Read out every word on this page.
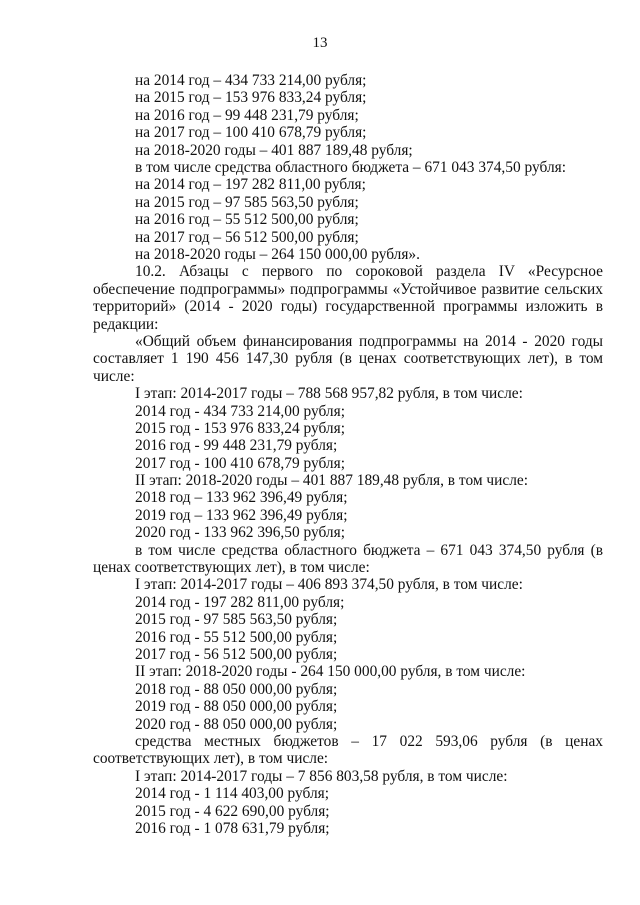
13
на 2014 год – 434 733 214,00 рубля;
на 2015 год – 153 976 833,24 рубля;
на 2016 год – 99 448 231,79 рубля;
на 2017 год – 100 410 678,79 рубля;
на 2018-2020 годы – 401 887 189,48 рубля;
в том числе средства областного бюджета – 671 043 374,50 рубля:
на 2014 год – 197 282 811,00 рубля;
на 2015 год – 97 585 563,50 рубля;
на 2016 год – 55 512 500,00 рубля;
на 2017 год – 56 512 500,00 рубля;
на 2018-2020 годы – 264 150 000,00 рубля».
10.2. Абзацы с первого по сороковой раздела IV «Ресурсное обеспечение подпрограммы» подпрограммы «Устойчивое развитие сельских территорий» (2014 - 2020 годы) государственной программы изложить в редакции:
«Общий объем финансирования подпрограммы на 2014 - 2020 годы составляет 1 190 456 147,30 рубля (в ценах соответствующих лет), в том числе:
I этап: 2014-2017 годы – 788 568 957,82 рубля, в том числе:
2014 год - 434 733 214,00 рубля;
2015 год - 153 976 833,24 рубля;
2016 год - 99 448 231,79 рубля;
2017 год - 100 410 678,79 рубля;
II этап: 2018-2020 годы – 401 887 189,48 рубля, в том числе:
2018 год – 133 962 396,49 рубля;
2019 год – 133 962 396,49 рубля;
2020 год - 133 962 396,50 рубля;
в том числе средства областного бюджета – 671 043 374,50 рубля (в ценах соответствующих лет), в том числе:
I этап: 2014-2017 годы – 406 893 374,50 рубля, в том числе:
2014 год - 197 282 811,00 рубля;
2015 год - 97 585 563,50 рубля;
2016 год - 55 512 500,00 рубля;
2017 год - 56 512 500,00 рубля;
II этап: 2018-2020 годы - 264 150 000,00 рубля, в том числе:
2018 год - 88 050 000,00 рубля;
2019 год - 88 050 000,00 рубля;
2020 год - 88 050 000,00 рубля;
средства местных бюджетов – 17 022 593,06 рубля (в ценах соответствующих лет), в том числе:
I этап: 2014-2017 годы – 7 856 803,58 рубля, в том числе:
2014 год - 1 114 403,00 рубля;
2015 год - 4 622 690,00 рубля;
2016 год - 1 078 631,79 рубля;
